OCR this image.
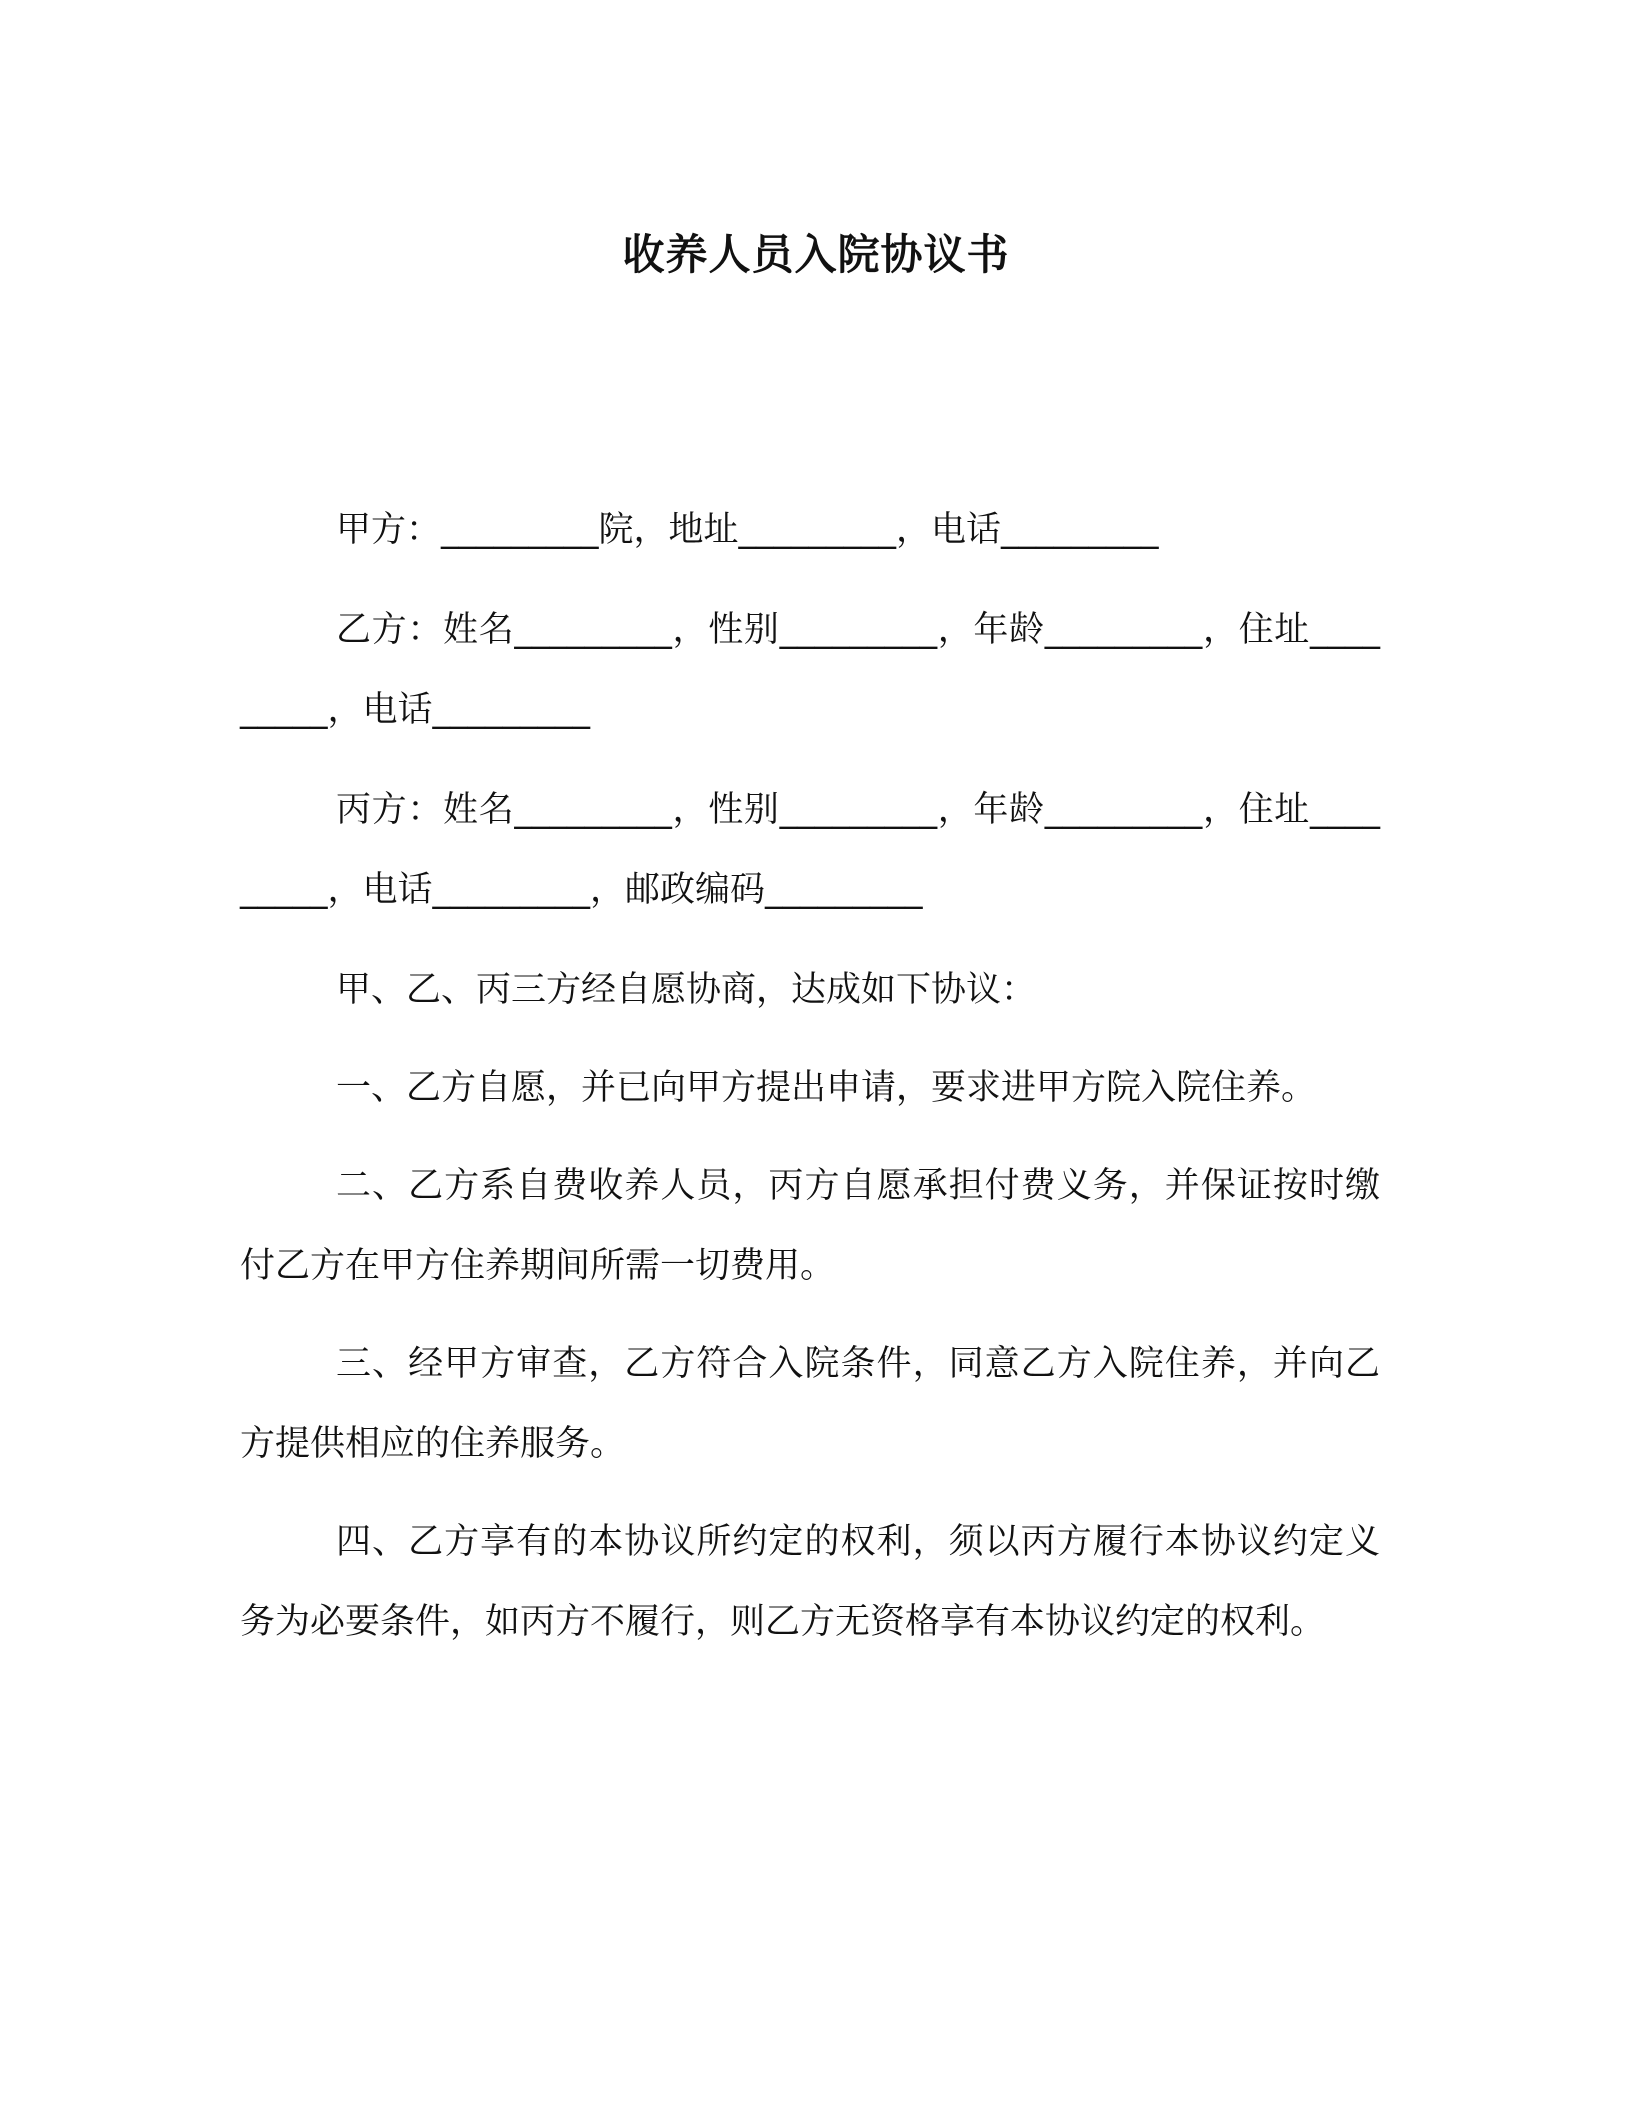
收养人员入院协议书

甲方：_________院，地址_________，电话_________

乙方：姓名_________，性别_________，年龄_________，住址_________，电话_________

丙方：姓名_________，性别_________，年龄_________，住址_________，电话_________，邮政编码_________

甲、乙、丙三方经自愿协商，达成如下协议：

一、乙方自愿，并已向甲方提出申请，要求进甲方院入院住养。

二、乙方系自费收养人员，丙方自愿承担付费义务，并保证按时缴付乙方在甲方住养期间所需一切费用。

三、经甲方审查，乙方符合入院条件，同意乙方入院住养，并向乙方提供相应的住养服务。

四、乙方享有的本协议所约定的权利，须以丙方履行本协议约定义务为必要条件，如丙方不履行，则乙方无资格享有本协议约定的权利。
